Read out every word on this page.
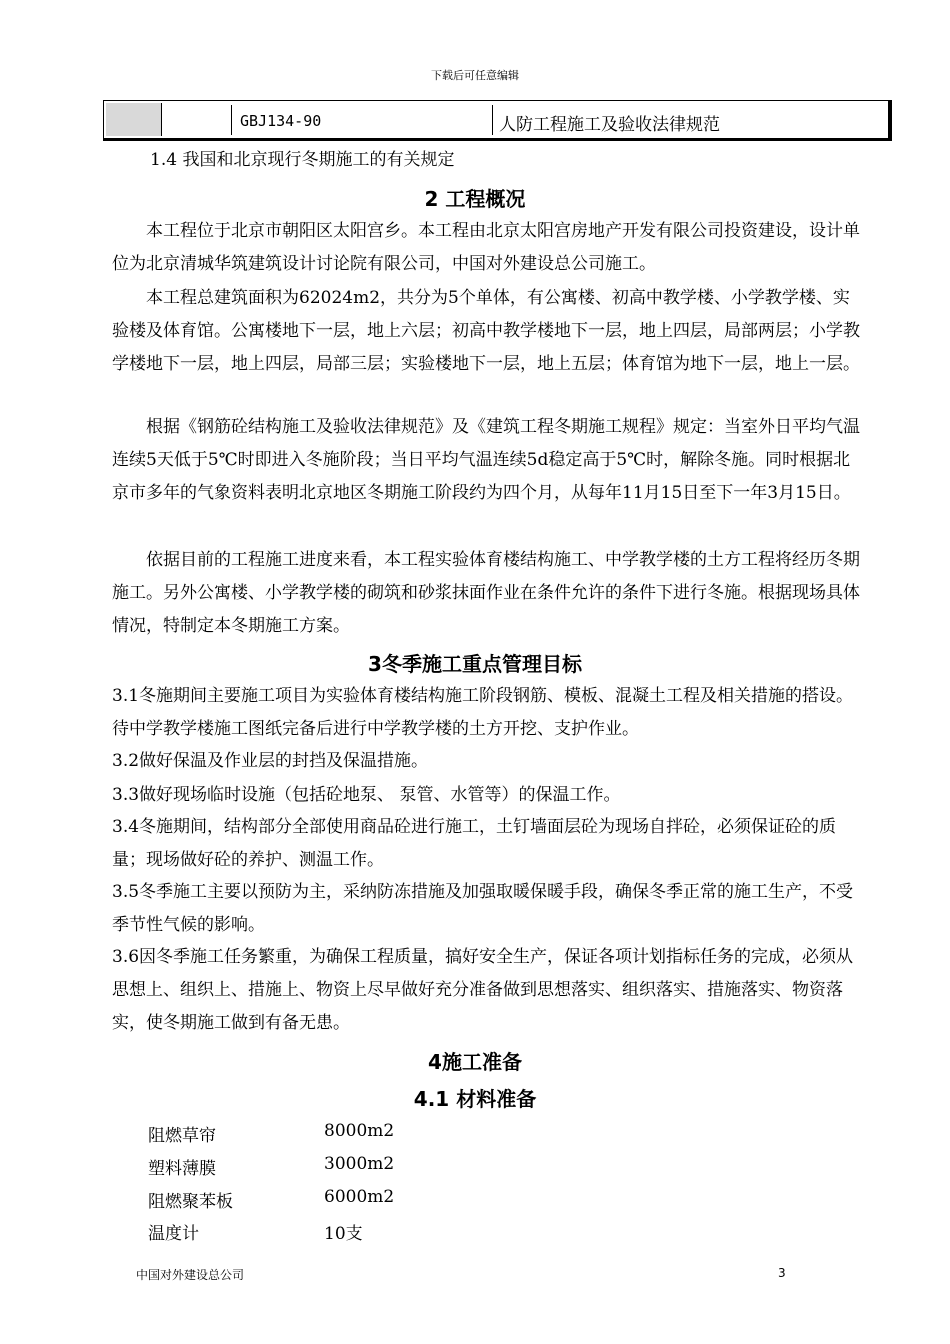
下载后可任意编辑
GBJ134-90	人防工程施工及验收法律规范
1.4 我国和北京现行冬期施工的有关规定
2 工程概况
本工程位于北京市朝阳区太阳宫乡。本工程由北京太阳宫房地产开发有限公司投资建设，设计单位为北京清城华筑建筑设计讨论院有限公司，中国对外建设总公司施工。
本工程总建筑面积为62024m2，共分为5个单体，有公寓楼、初高中教学楼、小学教学楼、实验楼及体育馆。公寓楼地下一层，地上六层；初高中教学楼地下一层，地上四层，局部两层；小学教学楼地下一层，地上四层，局部三层；实验楼地下一层，地上五层；体育馆为地下一层，地上一层。
根据《钢筋砼结构施工及验收法律规范》及《建筑工程冬期施工规程》规定：当室外日平均气温连续5天低于5℃时即进入冬施阶段；当日平均气温连续5d稳定高于5℃时，解除冬施。同时根据北京市多年的气象资料表明北京地区冬期施工阶段约为四个月，从每年11月15日至下一年3月15日。
依据目前的工程施工进度来看，本工程实验体育楼结构施工、中学教学楼的土方工程将经历冬期施工。另外公寓楼、小学教学楼的砌筑和砂浆抹面作业在条件允许的条件下进行冬施。根据现场具体情况，特制定本冬期施工方案。
3冬季施工重点管理目标
3.1冬施期间主要施工项目为实验体育楼结构施工阶段钢筋、模板、混凝土工程及相关措施的搭设。待中学教学楼施工图纸完备后进行中学教学楼的土方开挖、支护作业。
3.2做好保温及作业层的封挡及保温措施。
3.3做好现场临时设施（包括砼地泵、 泵管、水管等）的保温工作。
3.4冬施期间，结构部分全部使用商品砼进行施工，土钉墙面层砼为现场自拌砼，必须保证砼的质量；现场做好砼的养护、测温工作。
3.5冬季施工主要以预防为主，采纳防冻措施及加强取暖保暖手段，确保冬季正常的施工生产，不受季节性气候的影响。
3.6因冬季施工任务繁重，为确保工程质量，搞好安全生产，保证各项计划指标任务的完成，必须从思想上、组织上、措施上、物资上尽早做好充分准备做到思想落实、组织落实、措施落实、物资落实，使冬期施工做到有备无患。
4施工准备
4.1 材料准备
阻燃草帘	8000m2
塑料薄膜	3000m2
阻燃聚苯板	6000m2
温度计	10支
中国对外建设总公司	3
